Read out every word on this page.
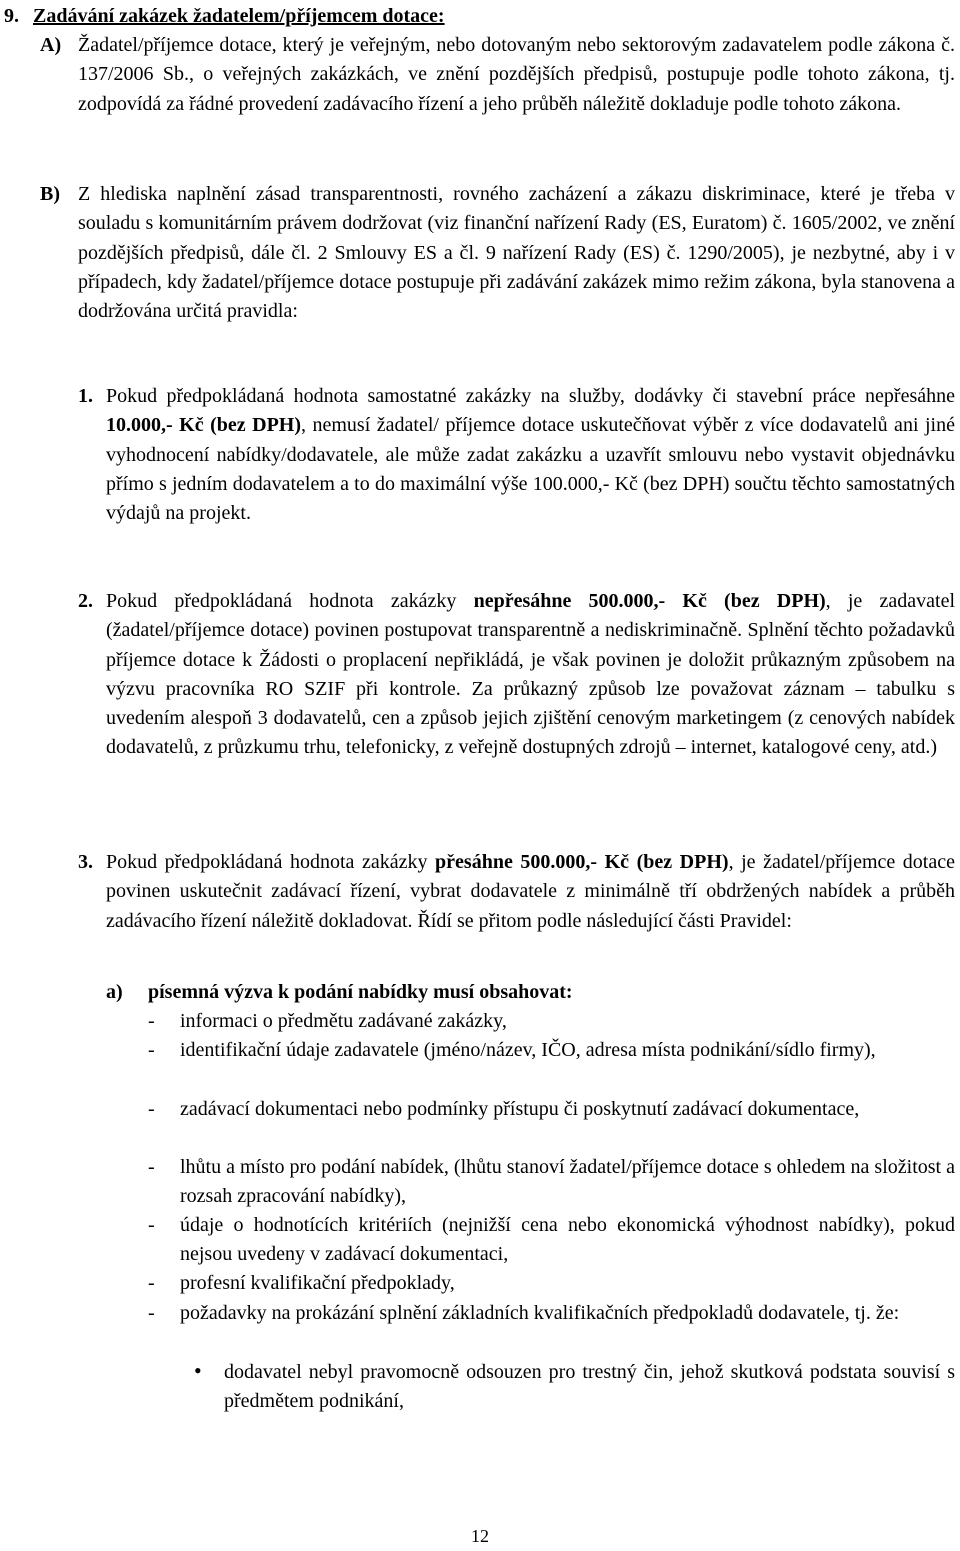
9. Zadávání zakázek žadatelem/příjemcem dotace:
A) Žadatel/příjemce dotace, který je veřejným, nebo dotovaným nebo sektorovým zadavatelem podle zákona č. 137/2006 Sb., o veřejných zakázkách, ve znění pozdějších předpisů, postupuje podle tohoto zákona, tj. zodpovídá za řádné provedení zadávacího řízení a jeho průběh náležitě dokladuje podle tohoto zákona.

B) Z hlediska naplnění zásad transparentnosti, rovného zacházení a zákazu diskriminace, které je třeba v souladu s komunitárním právem dodržovat (viz finanční nařízení Rady (ES, Euratom) č. 1605/2002, ve znění pozdějších předpisů, dále čl. 2 Smlouvy ES a čl. 9 nařízení Rady (ES) č. 1290/2005), je nezbytné, aby i v případech, kdy žadatel/příjemce dotace postupuje při zadávání zakázek mimo režim zákona, byla stanovena a dodržována určitá pravidla:

1. Pokud předpokládaná hodnota samostatné zakázky na služby, dodávky či stavební práce nepřesáhne 10.000,- Kč (bez DPH), nemusí žadatel/ příjemce dotace uskutečňovat výběr z více dodavatelů ani jiné vyhodnocení nabídky/dodavatele, ale může zadat zakázku a uzavřít smlouvu nebo vystavit objednávku přímo s jedním dodavatelem a to do maximální výše 100.000,- Kč (bez DPH) součtu těchto samostatných výdajů na projekt.

2. Pokud předpokládaná hodnota zakázky nepřesáhne 500.000,- Kč (bez DPH), je zadavatel (žadatel/příjemce dotace) povinen postupovat transparentně a nediskriminačně. Splnění těchto požadavků příjemce dotace k Žádosti o proplacení nepřikládá, je však povinen je doložit průkazným způsobem na výzvu pracovníka RO SZIF při kontrole. Za průkazný způsob lze považovat záznam – tabulku s uvedením alespoň 3 dodavatelů, cen a způsob jejich zjištění cenovým marketingem (z cenových nabídek dodavatelů, z průzkumu trhu, telefonicky, z veřejně dostupných zdrojů – internet, katalogové ceny, atd.)

3. Pokud předpokládaná hodnota zakázky přesáhne 500.000,- Kč (bez DPH), je žadatel/příjemce dotace povinen uskutečnit zadávací řízení, vybrat dodavatele z minimálně tří obdržených nabídek a průběh zadávacího řízení náležitě dokladovat. Řídí se přitom podle následující části Pravidel:

a) písemná výzva k podání nabídky musí obsahovat:
- informaci o předmětu zadávané zakázky,

- identifikační údaje zadavatele (jméno/název, IČO, adresa místa podnikání/sídlo firmy),

- zadávací dokumentaci nebo podmínky přístupu či poskytnutí zadávací dokumentace,

- lhůtu a místo pro podání nabídek, (lhůtu stanoví žadatel/příjemce dotace s ohledem na složitost a rozsah zpracování nabídky),

- údaje o hodnotících kritériích (nejnižší cena nebo ekonomická výhodnost nabídky), pokud nejsou uvedeny v zadávací dokumentaci,

- profesní kvalifikační předpoklady,

- požadavky na prokázání splnění základních kvalifikačních předpokladů dodavatele, tj. že:

• dodavatel nebyl pravomocně odsouzen pro trestný čin, jehož skutková podstata souvisí s předmětem podnikání,

12
